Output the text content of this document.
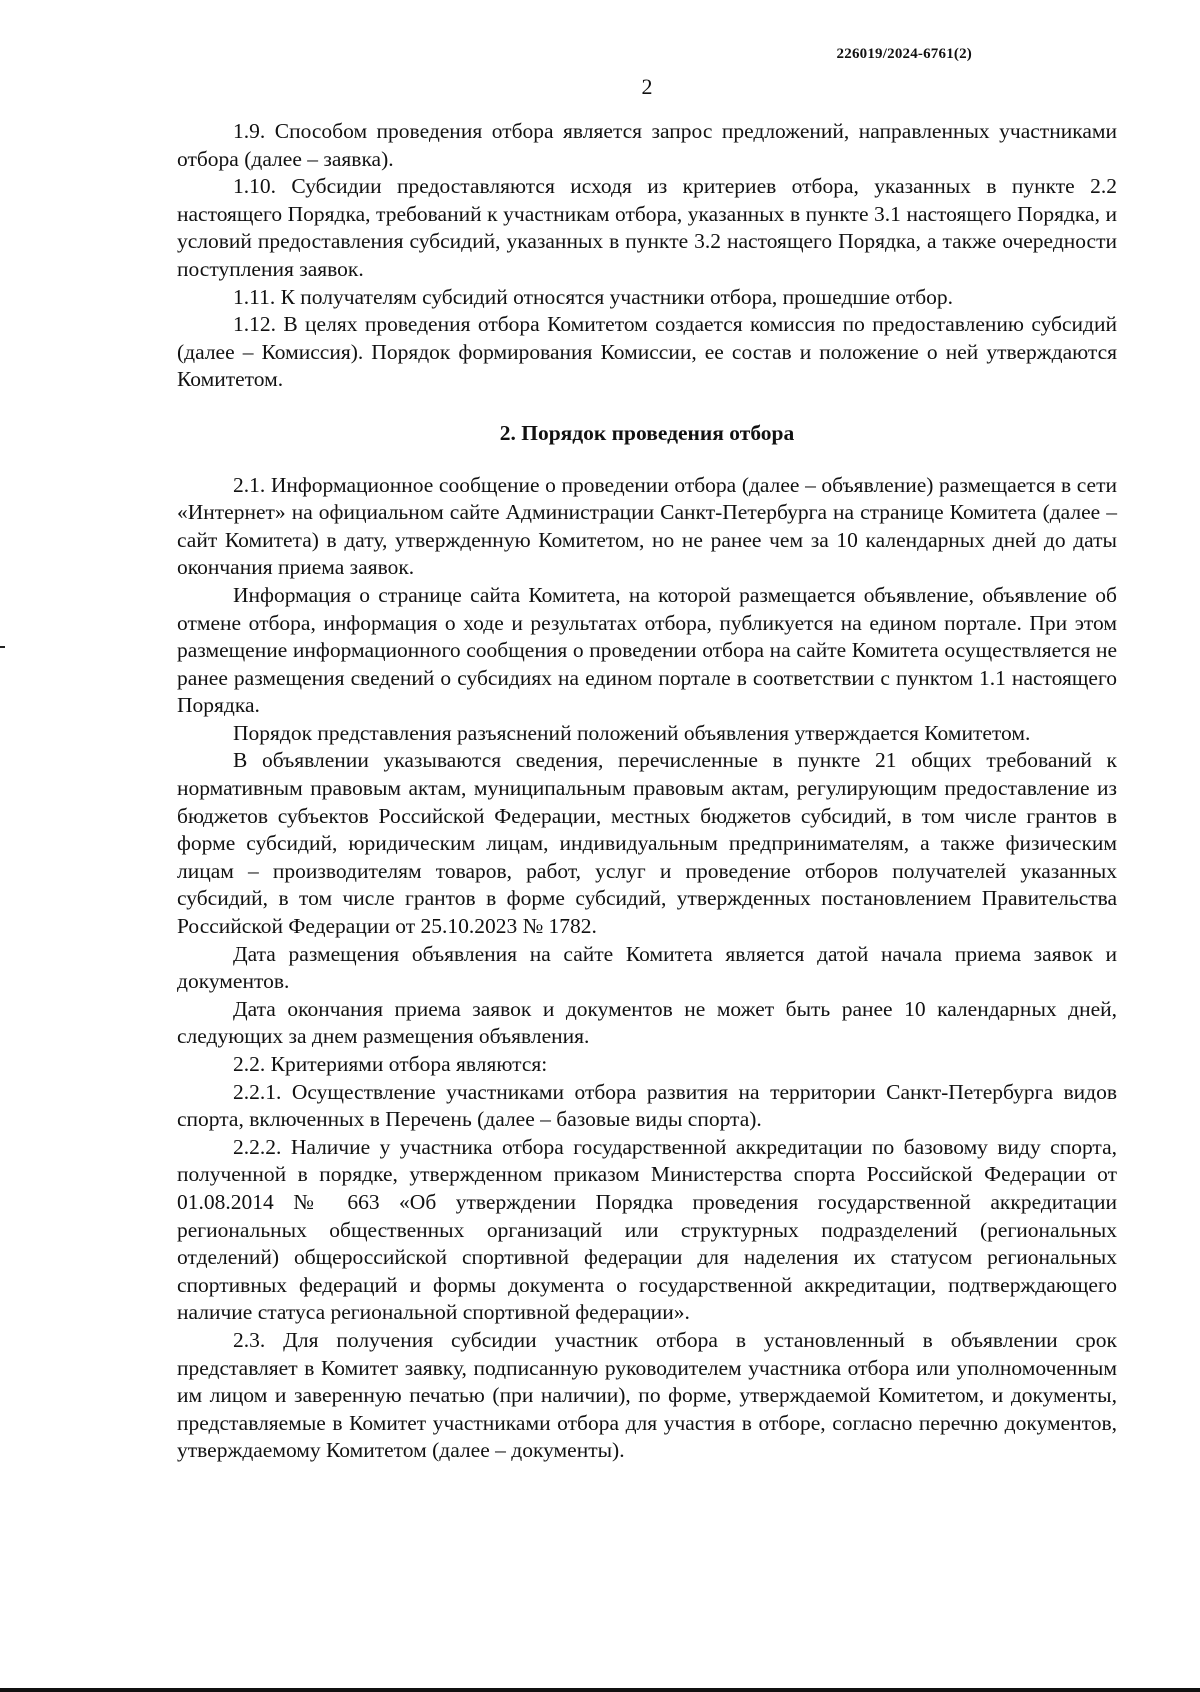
226019/2024-6761(2)
2

1.9. Способом проведения отбора является запрос предложений, направленных участниками отбора (далее – заявка).

1.10. Субсидии предоставляются исходя из критериев отбора, указанных в пункте 2.2 настоящего Порядка, требований к участникам отбора, указанных в пункте 3.1 настоящего Порядка, и условий предоставления субсидий, указанных в пункте 3.2 настоящего Порядка, а также очередности поступления заявок.

1.11. К получателям субсидий относятся участники отбора, прошедшие отбор.

1.12. В целях проведения отбора Комитетом создается комиссия по предоставлению субсидий (далее – Комиссия). Порядок формирования Комиссии, ее состав и положение о ней утверждаются Комитетом.

2. Порядок проведения отбора

2.1. Информационное сообщение о проведении отбора (далее – объявление) размещается в сети «Интернет» на официальном сайте Администрации Санкт-Петербурга на странице Комитета (далее – сайт Комитета) в дату, утвержденную Комитетом, но не ранее чем за 10 календарных дней до даты окончания приема заявок.

Информация о странице сайта Комитета, на которой размещается объявление, объявление об отмене отбора, информация о ходе и результатах отбора, публикуется на едином портале. При этом размещение информационного сообщения о проведении отбора на сайте Комитета осуществляется не ранее размещения сведений о субсидиях на едином портале в соответствии с пунктом 1.1 настоящего Порядка.

Порядок представления разъяснений положений объявления утверждается Комитетом.

В объявлении указываются сведения, перечисленные в пункте 21 общих требований к нормативным правовым актам, муниципальным правовым актам, регулирующим предоставление из бюджетов субъектов Российской Федерации, местных бюджетов субсидий, в том числе грантов в форме субсидий, юридическим лицам, индивидуальным предпринимателям, а также физическим лицам – производителям товаров, работ, услуг и проведение отборов получателей указанных субсидий, в том числе грантов в форме субсидий, утвержденных постановлением Правительства Российской Федерации от 25.10.2023 № 1782.

Дата размещения объявления на сайте Комитета является датой начала приема заявок и документов.

Дата окончания приема заявок и документов не может быть ранее 10 календарных дней, следующих за днем размещения объявления.

2.2. Критериями отбора являются:

2.2.1. Осуществление участниками отбора развития на территории Санкт-Петербурга видов спорта, включенных в Перечень (далее – базовые виды спорта).

2.2.2. Наличие у участника отбора государственной аккредитации по базовому виду спорта, полученной в порядке, утвержденном приказом Министерства спорта Российской Федерации от 01.08.2014 № 663 «Об утверждении Порядка проведения государственной аккредитации региональных общественных организаций или структурных подразделений (региональных отделений) общероссийской спортивной федерации для наделения их статусом региональных спортивных федераций и формы документа о государственной аккредитации, подтверждающего наличие статуса региональной спортивной федерации».

2.3. Для получения субсидии участник отбора в установленный в объявлении срок представляет в Комитет заявку, подписанную руководителем участника отбора или уполномоченным им лицом и заверенную печатью (при наличии), по форме, утверждаемой Комитетом, и документы, представляемые в Комитет участниками отбора для участия в отборе, согласно перечню документов, утверждаемому Комитетом (далее – документы).
